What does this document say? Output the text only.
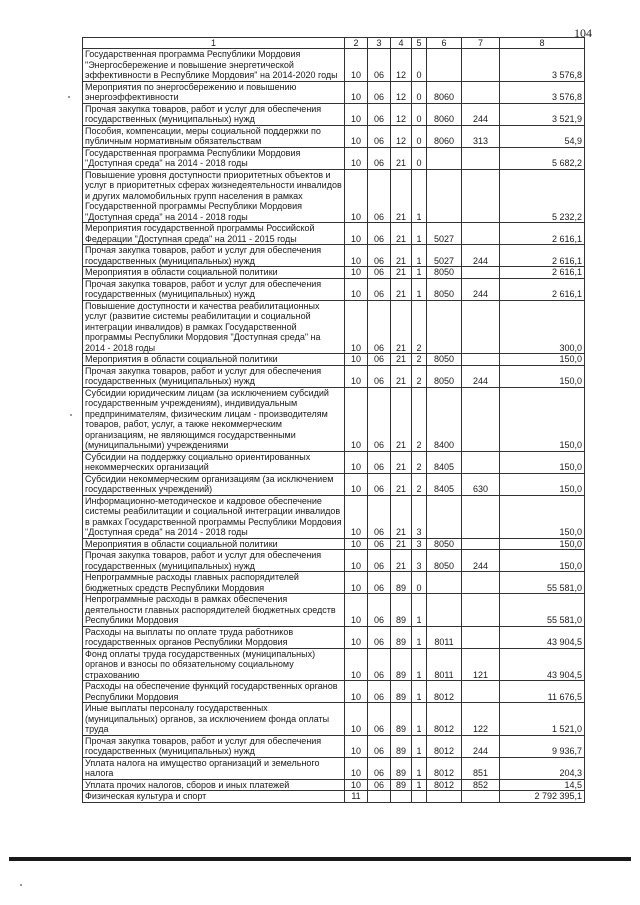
104
1	2	3	4	5	6	7	8
Государственная программа Республики Мордовия "Энергосбережение и повышение энергетической эффективности в Республике Мордовия" на 2014-2020 годы	10	06	12	0			3 576,8
Мероприятия по энергосбережению и повышению энергоэффективности	10	06	12	0	8060		3 576,8
Прочая закупка товаров, работ и услуг для обеспечения государственных (муниципальных) нужд	10	06	12	0	8060	244	3 521,9
Пособия, компенсации, меры социальной поддержки по публичным нормативным обязательствам	10	06	12	0	8060	313	54,9
Государственная программа Республики Мордовия "Доступная среда" на 2014 - 2018 годы	10	06	21	0			5 682,2
Повышение уровня доступности приоритетных объектов и услуг в приоритетных сферах жизнедеятельности инвалидов и других маломобильных групп населения в рамках Государственной программы Республики Мордовия "Доступная среда" на 2014 - 2018 годы	10	06	21	1			5 232,2
Мероприятия государственной программы Российской Федерации "Доступная среда" на 2011 - 2015 годы	10	06	21	1	5027		2 616,1
Прочая закупка товаров, работ и услуг для обеспечения государственных (муниципальных) нужд	10	06	21	1	5027	244	2 616,1
Мероприятия в области социальной политики	10	06	21	1	8050		2 616,1
Прочая закупка товаров, работ и услуг для обеспечения государственных (муниципальных) нужд	10	06	21	1	8050	244	2 616,1
Повышение доступности и качества реабилитационных услуг (развитие системы реабилитации и социальной интеграции инвалидов) в рамках Государственной программы Республики Мордовия "Доступная среда" на 2014 - 2018 годы	10	06	21	2			300,0
Мероприятия в области социальной политики	10	06	21	2	8050		150,0
Прочая закупка товаров, работ и услуг для обеспечения государственных (муниципальных) нужд	10	06	21	2	8050	244	150,0
Субсидии юридическим лицам (за исключением субсидий государственным учреждениям), индивидуальным предпринимателям, физическим лицам - производителям товаров, работ, услуг, а также некоммерческим организациям, не являющимся государственными (муниципальными) учреждениями	10	06	21	2	8400		150,0
Субсидии на поддержку социально ориентированных некоммерческих организаций	10	06	21	2	8405		150,0
Субсидии некоммерческим организациям (за исключением государственных учреждений)	10	06	21	2	8405	630	150,0
Информационно-методическое и кадровое обеспечение системы реабилитации и социальной интеграции инвалидов в рамках Государственной программы Республики Мордовия "Доступная среда" на 2014 - 2018 годы	10	06	21	3			150,0
Мероприятия в области социальной политики	10	06	21	3	8050		150,0
Прочая закупка товаров, работ и услуг для обеспечения государственных (муниципальных) нужд	10	06	21	3	8050	244	150,0
Непрограммные расходы главных распорядителей бюджетных средств Республики Мордовия	10	06	89	0			55 581,0
Непрограммные расходы в рамках обеспечения деятельности главных распорядителей бюджетных средств Республики Мордовия	10	06	89	1			55 581,0
Расходы на выплаты по оплате труда работников государственных органов Республики Мордовия	10	06	89	1	8011		43 904,5
Фонд оплаты труда государственных (муниципальных) органов и взносы по обязательному социальному страхованию	10	06	89	1	8011	121	43 904,5
Расходы на обеспечение функций государственных органов Республики Мордовия	10	06	89	1	8012		11 676,5
Иные выплаты персоналу государственных (муниципальных) органов, за исключением фонда оплаты труда	10	06	89	1	8012	122	1 521,0
Прочая закупка товаров, работ и услуг для обеспечения государственных (муниципальных) нужд	10	06	89	1	8012	244	9 936,7
Уплата налога на имущество организаций и земельного налога	10	06	89	1	8012	851	204,3
Уплата прочих налогов, сборов и иных платежей	10	06	89	1	8012	852	14,5
Физическая культура и спорт	11						2 792 395,1
